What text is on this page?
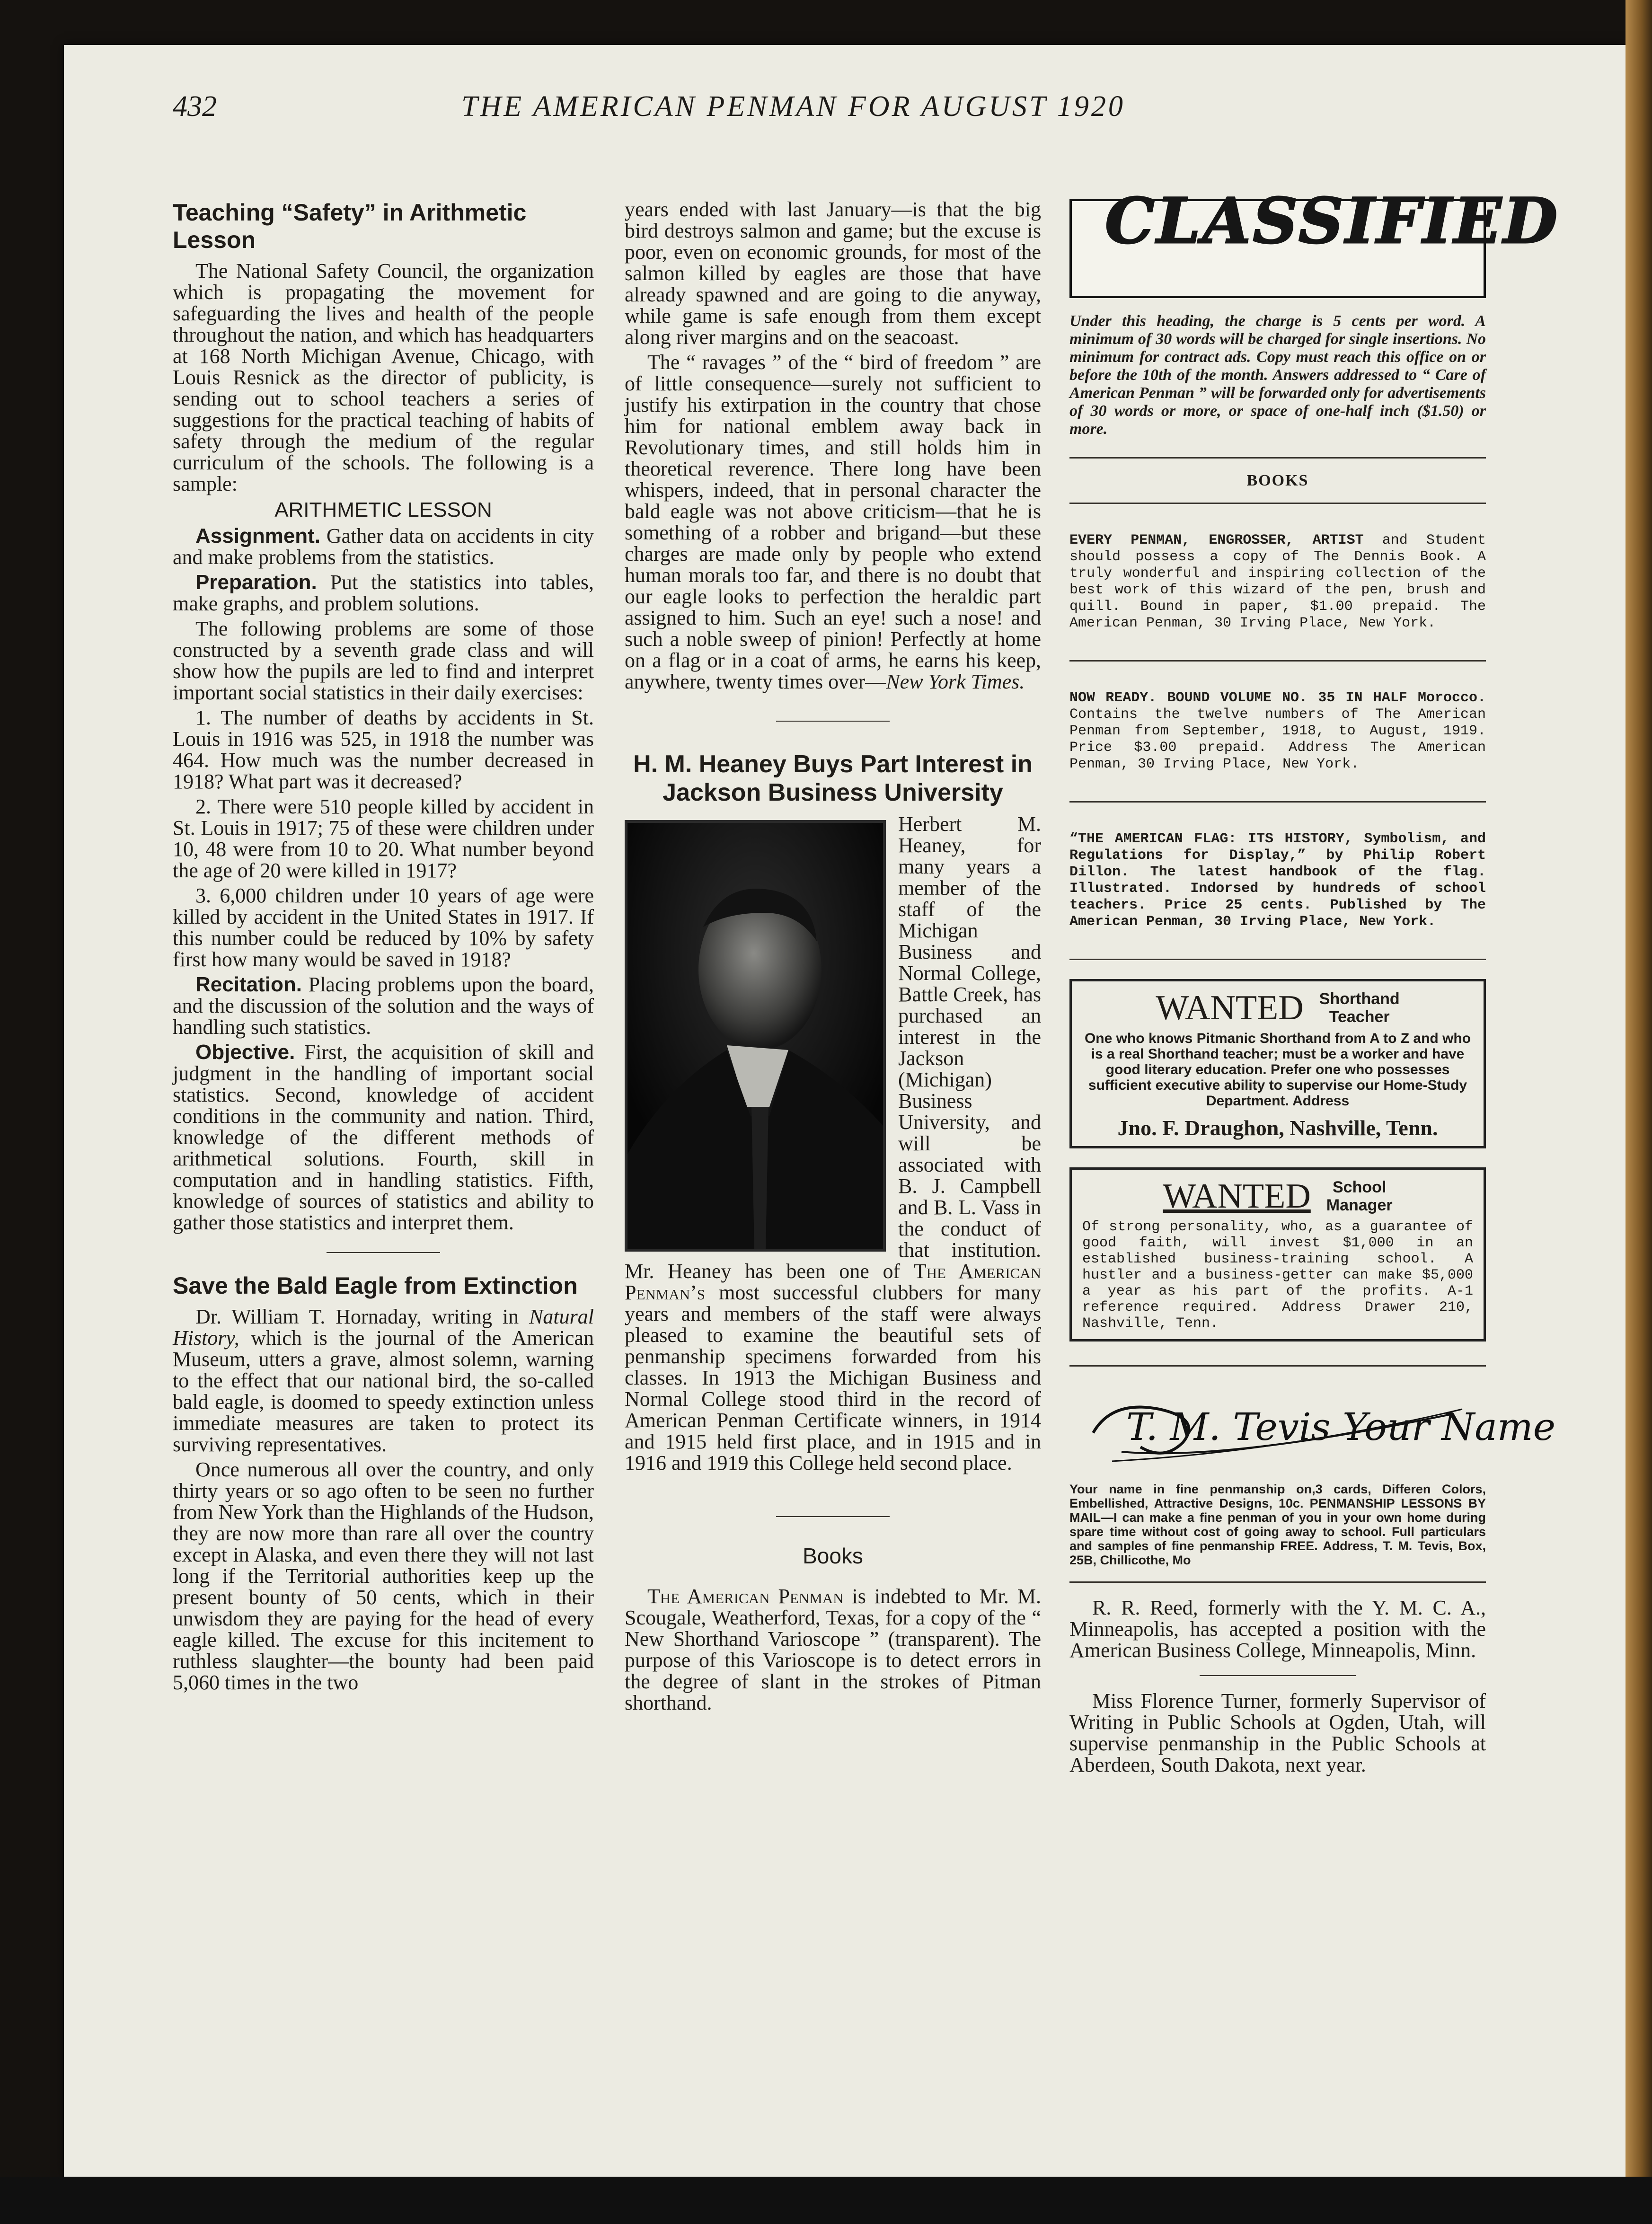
432	THE AMERICAN PENMAN FOR AUGUST 1920
Teaching “Safety” in Arithmetic Lesson

The National Safety Council, the organization which is propagating the movement for safeguarding the lives and health of the people throughout the nation, and which has headquarters at 168 North Michigan Avenue, Chicago, with Louis Resnick as the director of publicity, is sending out to school teachers a series of suggestions for the practical teaching of habits of safety through the medium of the regular curriculum of the schools. The following is a sample:

ARITHMETIC LESSON

Assignment. Gather data on accidents in city and make problems from the statistics.

Preparation. Put the statistics into tables, make graphs, and problem solutions.

The following problems are some of those constructed by a seventh grade class and will show how the pupils are led to find and interpret important social statistics in their daily exercises:

1. The number of deaths by accidents in St. Louis in 1916 was 525, in 1918 the number was 464. How much was the number decreased in 1918? What part was it decreased?

2. There were 510 people killed by accident in St. Louis in 1917; 75 of these were children under 10, 48 were from 10 to 20. What number beyond the age of 20 were killed in 1917?

3. 6,000 children under 10 years of age were killed by accident in the United States in 1917. If this number could be reduced by 10% by safety first how many would be saved in 1918?

Recitation. Placing problems upon the board, and the discussion of the solution and the ways of handling such statistics.

Objective. First, the acquisition of skill and judgment in the handling of important social statistics. Second, knowledge of accident conditions in the community and nation. Third, knowledge of the different methods of arithmetical solutions. Fourth, skill in computation and in handling statistics. Fifth, knowledge of sources of statistics and ability to gather those statistics and interpret them.

Save the Bald Eagle from Extinction

Dr. William T. Hornaday, writing in Natural History, which is the journal of the American Museum, utters a grave, almost solemn, warning to the effect that our national bird, the so-called bald eagle, is doomed to speedy extinction unless immediate measures are taken to protect its surviving representatives.

Once numerous all over the country, and only thirty years or so ago often to be seen no further from New York than the Highlands of the Hudson, they are now more than rare all over the country except in Alaska, and even there they will not last long if the Territorial authorities keep up the present bounty of 50 cents, which in their unwisdom they are paying for the head of every eagle killed. The excuse for this incitement to ruthless slaughter—the bounty had been paid 5,060 times in the two

years ended with last January—is that the big bird destroys salmon and game; but the excuse is poor, even on economic grounds, for most of the salmon killed by eagles are those that have already spawned and are going to die anyway, while game is safe enough from them except along river margins and on the seacoast.

The “ ravages ” of the “ bird of freedom ” are of little consequence—surely not sufficient to justify his extirpation in the country that chose him for national emblem away back in Revolutionary times, and still holds him in theoretical reverence. There long have been whispers, indeed, that in personal character the bald eagle was not above criticism—that he is something of a robber and brigand—but these charges are made only by people who extend human morals too far, and there is no doubt that our eagle looks to perfection the heraldic part assigned to him. Such an eye! such a nose! and such a noble sweep of pinion! Perfectly at home on a flag or in a coat of arms, he earns his keep, anywhere, twenty times over—New York Times.

H. M. Heaney Buys Part Interest in Jackson Business University

Herbert M. Heaney, for many years a member of the staff of the Michigan Business and Normal College, Battle Creek, has purchased an interest in the Jackson (Michigan) Business University, and will be associated with B. J. Campbell and B. L. Vass in the conduct of that institution. Mr. Heaney has been one of The American Penman’s most successful clubbers for many years and members of the staff were always pleased to examine the beautiful sets of penmanship specimens forwarded from his classes. In 1913 the Michigan Business and Normal College stood third in the record of American Penman Certificate winners, in 1914 and 1915 held first place, and in 1915 and in 1916 and 1919 this College held second place.

Books

The American Penman is indebted to Mr. M. Scougale, Weatherford, Texas, for a copy of the “ New Shorthand Varioscope ” (transparent). The purpose of this Varioscope is to detect errors in the degree of slant in the strokes of Pitman shorthand.

CLASSIFIED
Under this heading, the charge is 5 cents per word. A minimum of 30 words will be charged for single insertions. No minimum for contract ads. Copy must reach this office on or before the 10th of the month. Answers addressed to “ Care of American Penman ” will be forwarded only for advertisements of 30 words or more, or space of one-half inch ($1.50) or more.
BOOKS
EVERY PENMAN, ENGROSSER, ARTIST and Student should possess a copy of The Dennis Book. A truly wonderful and inspiring collection of the best work of this wizard of the pen, brush and quill. Bound in paper, $1.00 prepaid. The American Penman, 30 Irving Place, New York.
NOW READY. BOUND VOLUME NO. 35 IN HALF Morocco. Contains the twelve numbers of The American Penman from September, 1918, to August, 1919. Price $3.00 prepaid. Address The American Penman, 30 Irving Place, New York.
“THE AMERICAN FLAG: ITS HISTORY, Symbolism, and Regulations for Display,” by Philip Robert Dillon. The latest handbook of the flag. Illustrated. Indorsed by hundreds of school teachers. Price 25 cents. Published by The American Penman, 30 Irving Place, New York.
WANTED Shorthand
Teacher
One who knows Pitmanic Shorthand from A to Z and who is a real Shorthand teacher; must be a worker and have good literary education. Prefer one who possesses sufficient executive ability to supervise our Home-Study Department. Address
Jno. F. Draughon, Nashville, Tenn.
WANTED School
Manager
Of strong personality, who, as a guarantee of good faith, will invest $1,000 in an established business-training school. A hustler and a business-getter can make $5,000 a year as his part of the profits. A-1 reference required. Address Drawer 210, Nashville, Tenn.
T. M. Tevis Your Name
Your name in fine penmanship on,3 cards, Differen Colors, Embellished, Attractive Designs, 10c. PENMANSHIP LESSONS BY MAIL—I can make a fine penman of you in your own home during spare time without cost of going away to school. Full particulars and samples of fine penmanship FREE. Address, T. M. Tevis, Box, 25B, Chillicothe, Mo
R. R. Reed, formerly with the Y. M. C. A., Minneapolis, has accepted a position with the American Business College, Minneapolis, Minn.
Miss Florence Turner, formerly Supervisor of Writing in Public Schools at Ogden, Utah, will supervise penmanship in the Public Schools at Aberdeen, South Dakota, next year.
